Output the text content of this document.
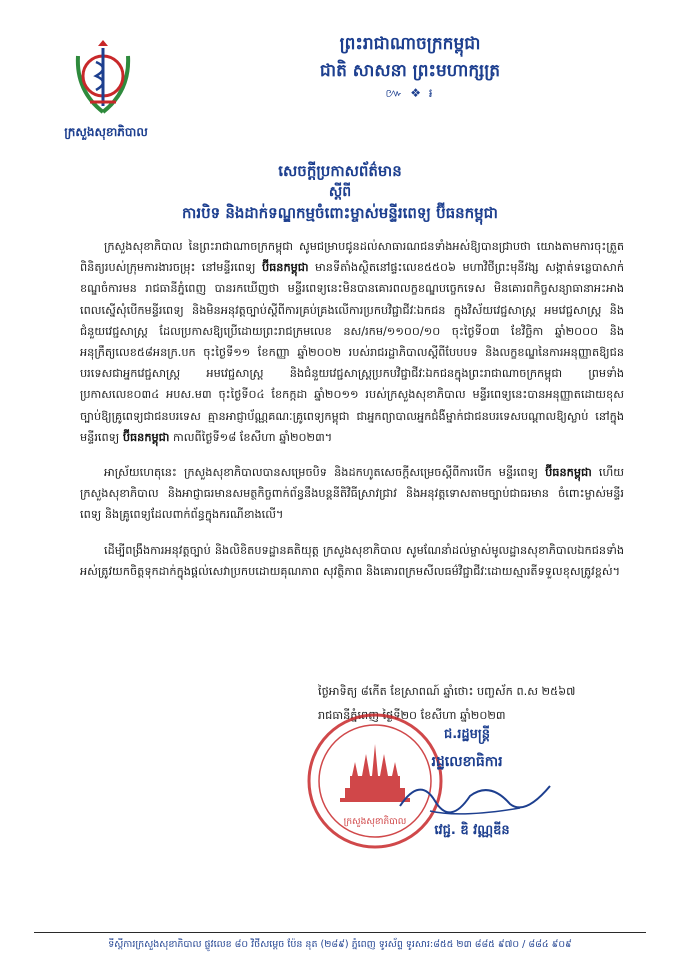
ក្រសួងសុខាភិបាល
ព្រះរាជាណាចក្រកម្ពុជា
ជាតិ សាសនា ព្រះមហាក្សត្រ
៚ ❖ ៛
សេចក្តីប្រកាសព័ត៌មាន
ស្តីពី
ការបិទ និងដាក់ទណ្ឌកម្មចំពោះម្ចាស់មន្ទីរពេទ្យ ប៊ីធនកម្ពុជា

ក្រសួងសុខាភិបាល នៃព្រះរាជាណាចក្រកម្ពុជា សូមជម្រាបជូនដល់សាធារណជនទាំងអស់ឱ្យបានជ្រាបថា យោងតាមការចុះត្រួតពិនិត្យរបស់ក្រុមការងារចម្រុះ នៅមន្ទីរពេទ្យ ប៊ីធនកម្ពុជា មានទីតាំងស្ថិតនៅផ្ទះលេខ៥៥០៦ មហាវិថីព្រះមុនីវង្ស សង្កាត់ទន្លេបាសាក់ ខណ្ឌចំការមន រាជធានីភ្នំពេញ បានរកឃើញថា មន្ទីរពេទ្យនេះមិនបានគោរពលក្ខខណ្ឌបច្ចេកទេស មិនគោរពកិច្ចសន្យាធានាអះអាងពេលស្នើសុំបើកមន្ទីរពេទ្យ និងមិនអនុវត្តច្បាប់ស្តីពីការគ្រប់គ្រងលើការប្រកបវិជ្ជាជីវៈឯកជន ក្នុងវិស័យវេជ្ជសាស្ត្រ អមវេជ្ជសាស្ត្រ និងជំនួយវេជ្ជសាស្ត្រ ដែលប្រកាសឱ្យប្រើដោយព្រះរាជក្រមលេខ នស/រកម/១១០០/១០ ចុះថ្ងៃទី០៣ ខែវិច្ឆិកា ឆ្នាំ២០០០ និងអនុក្រឹត្យលេខ៥៨អនក្រ.បក ចុះថ្ងៃទី១១ ខែកញ្ញា ឆ្នាំ២០០២ របស់រាជរដ្ឋាភិបាលស្តីពីបែបបទ និងលក្ខខណ្ឌនៃការអនុញ្ញាតឱ្យជនបរទេសជាអ្នកវេជ្ជសាស្ត្រ អមវេជ្ជសាស្ត្រ និងជំនួយវេជ្ជសាស្ត្រប្រកបវិជ្ជាជីវៈឯកជនក្នុងព្រះរាជាណាចក្រកម្ពុជា ព្រមទាំងប្រកាសលេខ០៣៤ អបស.ម៣ ចុះថ្ងៃទី០៤ ខែកក្កដា ឆ្នាំ២០១១ របស់ក្រសួងសុខាភិបាល មន្ទីរពេទ្យនេះបានអនុញ្ញាតដោយខុសច្បាប់ឱ្យគ្រូពេទ្យជាជនបរទេស គ្មានអាជ្ញាប័ណ្ណគណៈគ្រូពេទ្យកម្ពុជា ជាអ្នកព្យាបាលអ្នកជំងឺម្នាក់ជាជនបរទេសបណ្តាលឱ្យស្លាប់ នៅក្នុងមន្ទីរពេទ្យ ប៊ីធនកម្ពុជា កាលពីថ្ងៃទី១៨ ខែសីហា ឆ្នាំ២០២៣។

អាស្រ័យហេតុនេះ ក្រសួងសុខាភិបាលបានសម្រេចបិទ និងដកហូតសេចក្តីសម្រេចស្តីពីការបើក មន្ទីរពេទ្យ ប៊ីធនកម្ពុជា ហើយក្រសួងសុខាភិបាល និងអាជ្ញាធរមានសមត្ថកិច្ចពាក់ព័ន្ធនឹងបន្តនីតិវិធីស្រាវជ្រាវ និងអនុវត្តទោសតាមច្បាប់ជាធរមាន ចំពោះម្ចាស់មន្ទីរពេទ្យ និងគ្រូពេទ្យដែលពាក់ព័ន្ធក្នុងករណីខាងលើ។

ដើម្បីពង្រឹងការអនុវត្តច្បាប់ និងលិខិតបទដ្ឋានគតិយុត្ត ក្រសួងសុខាភិបាល សូមណែនាំដល់ម្ចាស់មូលដ្ឋានសុខាភិបាលឯកជនទាំងអស់ត្រូវយកចិត្តទុកដាក់ក្នុងផ្តល់សេវាប្រកបដោយគុណភាព សុវត្ថិភាព និងគោរពក្រមសីលធម៌វិជ្ជាជីវៈដោយស្មារតីទទួលខុសត្រូវខ្ពស់។

ថ្ងៃអាទិត្យ ៨កើត ខែស្រាពណ៍ ឆ្នាំថោះ បញ្ចស័ក ព.ស ២៥៦៧
រាជធានីភ្នំពេញ ថ្ងៃទី២០ ខែសីហា ឆ្នាំ២០២៣
ក្រសួងសុខាភិបាល
ជ.រដ្ឋមន្ត្រី
រដ្ឋលេខាធិការ
វេជ្ជ. ឌិ វណ្ណឌីន
ទីស្តីការក្រសួងសុខាភិបាល ផ្លូវលេខ ៨០ វិថីសម្តេច ប៉ែន នុត (២៨៩) ភ្នំពេញ ទូរស័ព្ទ ទូរសារ:៨៥៥ ២៣ ៨៨៥ ៩៧០ / ៨៨៤ ៩០៩
